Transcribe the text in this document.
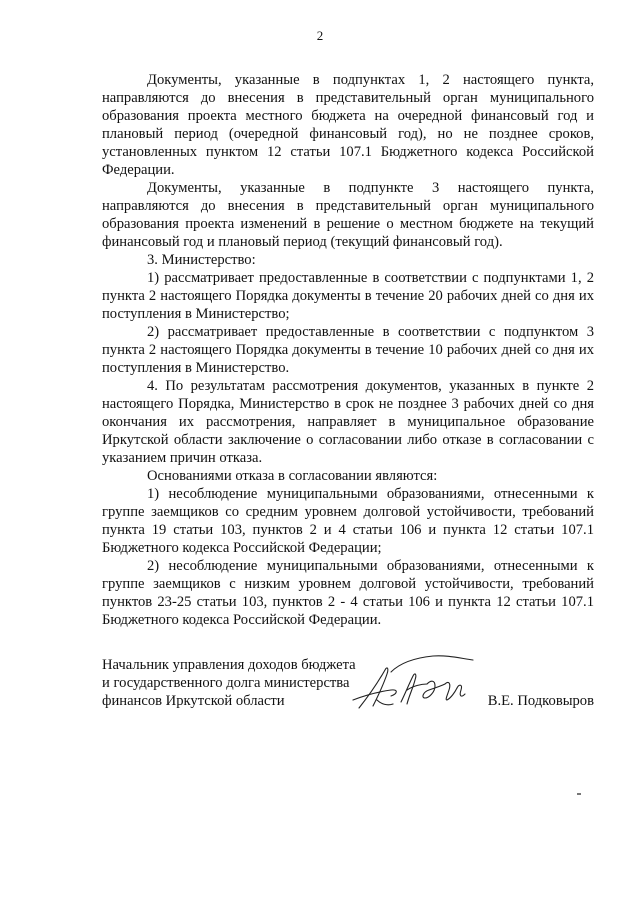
2

Документы, указанные в подпунктах 1, 2 настоящего пункта, направляются до внесения в представительный орган муниципального образования проекта местного бюджета на очередной финансовый год и плановый период (очередной финансовый год), но не позднее сроков, установленных пунктом 12 статьи 107.1 Бюджетного кодекса Российской Федерации.

Документы, указанные в подпункте 3 настоящего пункта, направляются до внесения в представительный орган муниципального образования проекта изменений в решение о местном бюджете на текущий финансовый год и плановый период (текущий финансовый год).

3. Министерство:

1) рассматривает предоставленные в соответствии с подпунктами 1, 2 пункта 2 настоящего Порядка документы в течение 20 рабочих дней со дня их поступления в Министерство;

2) рассматривает предоставленные в соответствии с подпунктом 3 пункта 2 настоящего Порядка документы в течение 10 рабочих дней со дня их поступления в Министерство.

4. По результатам рассмотрения документов, указанных в пункте 2 настоящего Порядка, Министерство в срок не позднее 3 рабочих дней со дня окончания их рассмотрения, направляет в муниципальное образование Иркутской области заключение о согласовании либо отказе в согласовании с указанием причин отказа.

Основаниями отказа в согласовании являются:

1) несоблюдение муниципальными образованиями, отнесенными к группе заемщиков со средним уровнем долговой устойчивости, требований пункта 19 статьи 103, пунктов 2 и 4 статьи 106 и пункта 12 статьи 107.1 Бюджетного кодекса Российской Федерации;

2) несоблюдение муниципальными образованиями, отнесенными к группе заемщиков с низким уровнем долговой устойчивости, требований пунктов 23-25 статьи 103, пунктов 2 - 4 статьи 106 и пункта 12 статьи 107.1 Бюджетного кодекса Российской Федерации.

Начальник управления доходов бюджета
и государственного долга министерства
финансов Иркутской области	В.Е. Подковыров
